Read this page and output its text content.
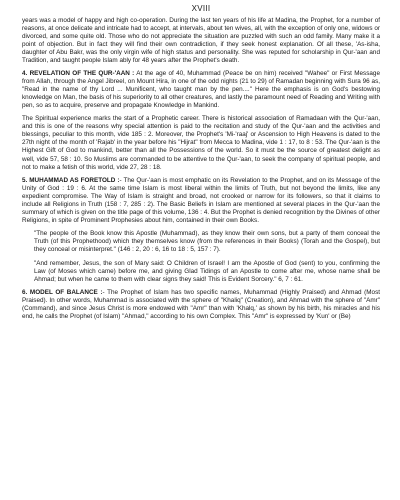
XVIII

years was a model of happy and high co-operation. During the last ten years of his life at Madina, the Prophet, for a number of reasons, at once delicate and intricate had to accept, at intervals, about ten wives, all, with the exception of only one, widows or divorced, and some quite old. Those who do not appreciate the situation are puzzled with such an odd family. Many make it a point of objection. But in fact they will find their own contradiction, if they seek honest explanation. Of all these, 'As-isha, daughter of Abu Bakr, was the only virgin wife of high status and personality. She was reputed for scholarship in Qur-'aan and Tradition, and taught people Islam ably for 48 years after the Prophet's death.

4. REVELATION OF THE QUR-'AAN : At the age of 40, Muhammad (Peace be on him) received "Wahee" or First Message from Allah, through the Angel Jibreel, on Mount Hira, in one of the odd nights (21 to 29) of Ramadan beginning with Sura 96 as, "Read in the name of thy Lord ... Munificent, who taught man by the pen...." Here the emphasis is on God's bestowing knowledge on Man, the basis of his superiority to all other creatures, and lastly the paramount need of Reading and Writing with pen, so as to acquire, preserve and propagate Knowledge in Mankind.

The Spiritual experience marks the start of a Prophetic career. There is historical association of Ramadaan with the Qur-'aan, and this is one of the reasons why special attention is paid to the recitation and study of the Qur-'aan and the activities and blessings, peculiar to this month, vide 185 : 2. Moreover, the Prophet's 'Mi-'raaj' or Ascension to High Heavens is dated to the 27th night of the month of 'Rajab' in the year before his "Hijrat" from Mecca to Madina, vide 1 : 17, to 8 : 53. The Qur-'aan is the Highest Gift of God to mankind, better than all the Possessions of the world. So it must be the source of greatest delight as well, vide 57, 58 : 10. So Muslims are commanded to be attentive to the Qur-'aan, to seek the company of spiritual people, and not to make a fetish of this world, vide 27, 28 : 18.

5. MUHAMMAD AS FORETOLD :- The Qur-'aan is most emphatic on its Revelation to the Prophet, and on its Message of the Unity of God : 19 : 6. At the same time Islam is most liberal within the limits of Truth, but not beyond the limits, like any expedient compromise. The Way of Islam is straight and broad, not crooked or narrow for its followers, so that it claims to include all Religions in Truth (158 : 7, 285 : 2). The Basic Beliefs in Islam are mentioned at several places in the Qur-'aan the summary of which is given on the title page of this volume, 136 : 4. But the Prophet is denied recognition by the Divines of other Religions, in spite of Prominent Prophesies about him, contained in their own Books.

"The people of the Book know this Apostle (Muhammad), as they know their own sons, but a party of them conceal the Truth (of this Prophethood) which they themselves know (from the references in their Books) (Torah and the Gospel), but they conceal or misinterpret." (146 : 2, 20 : 6, 16 to 18 : 5, 157 : 7).

"And remember, Jesus, the son of Mary said: O Children of Israel! I am the Apostle of God (sent) to you, confirming the Law (of Moses which came) before me, and giving Glad Tidings of an Apostle to come after me, whose name shall be Ahmad; but when he came to them with clear signs they said! This is Evident Sorcery." 6, 7 : 61.

6. MODEL OF BALANCE :- The Prophet of Islam has two specific names, Muhammad (Highly Praised) and Ahmad (Most Praised). In other words, Muhammad is associated with the sphere of "Khaliq" (Creation), and Ahmad with the sphere of "Amr" (Command), and since Jesus Christ is more endowed with "Amr" than with 'Khalq,' as shown by his birth, his miracles and his end, he calls the Prophet (of Islam) "Ahmad," according to his own Complex. This "Amr" is expressed by 'Kun' or (Be)
